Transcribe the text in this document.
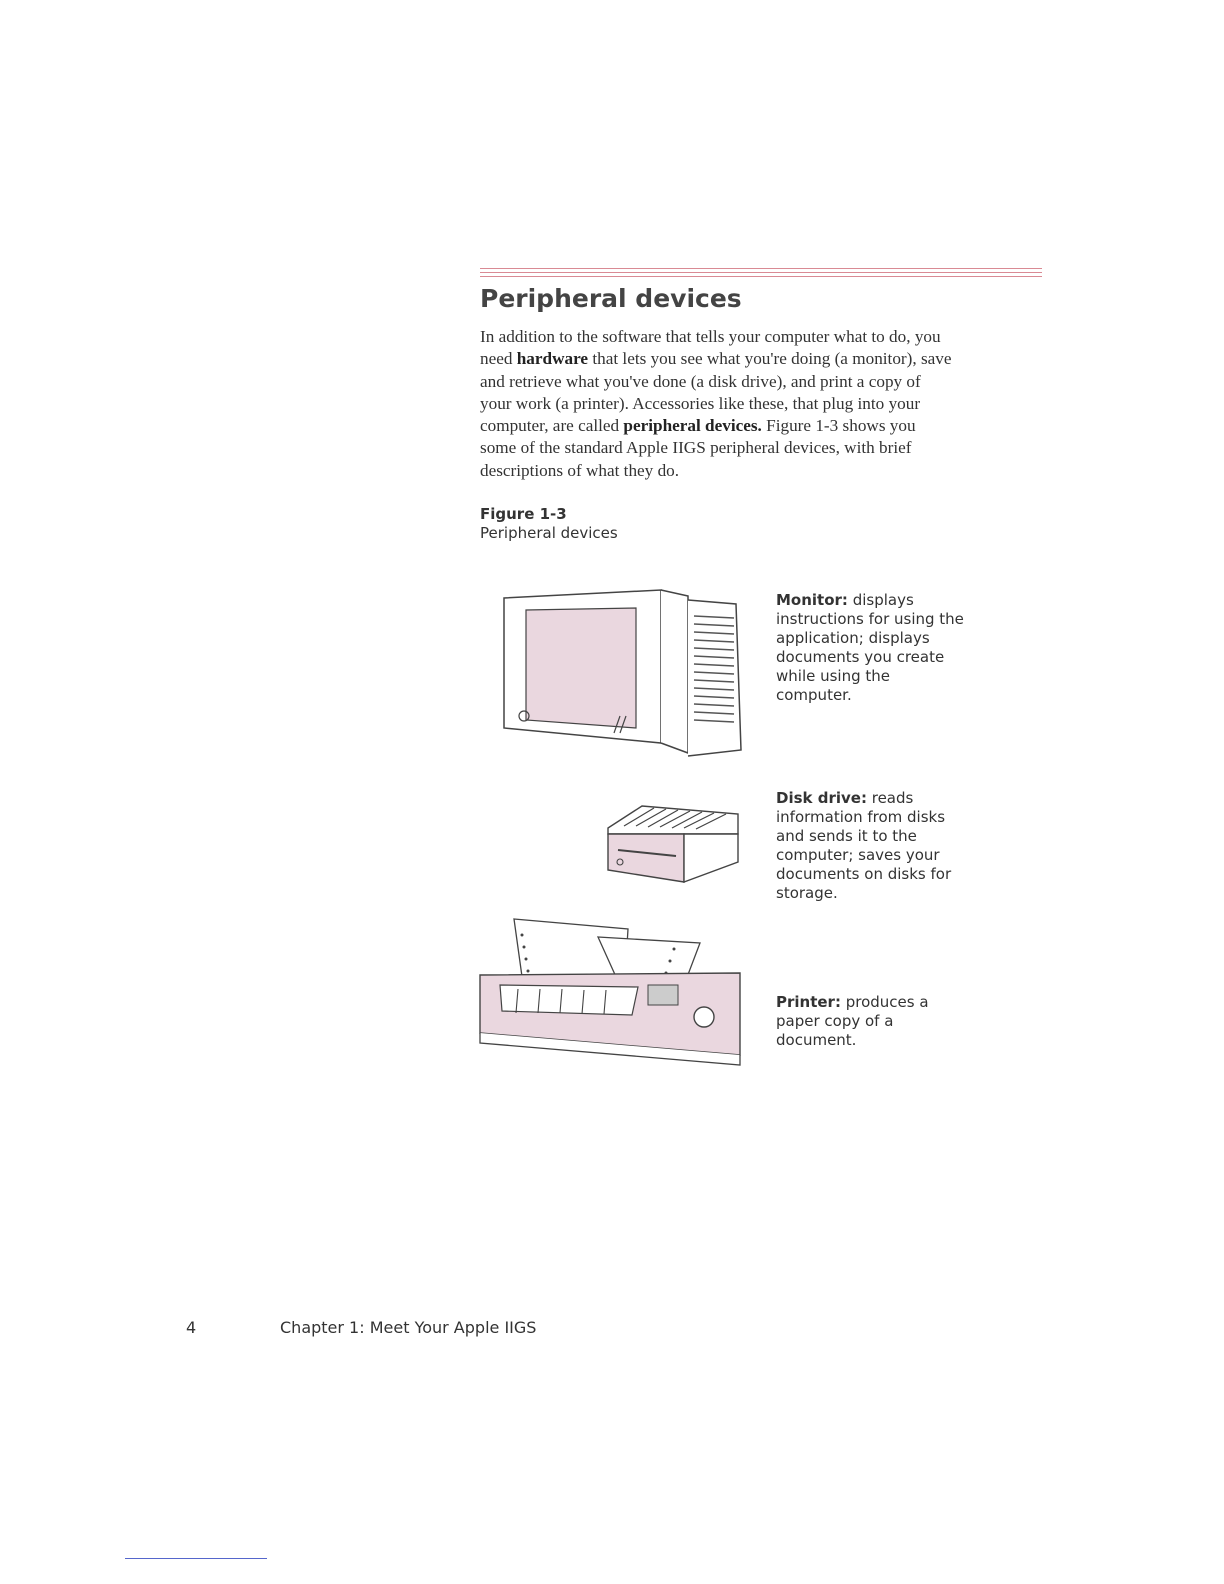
Peripheral devices

In addition to the software that tells your computer what to do, you
need hardware that lets you see what you're doing (a monitor), save
and retrieve what you've done (a disk drive), and print a copy of
your work (a printer). Accessories like these, that plug into your
computer, are called peripheral devices. Figure 1-3 shows you
some of the standard Apple IIGS peripheral devices, with brief
descriptions of what they do.

Figure 1-3
Peripheral devices
Monitor: displays
instructions for using the
application; displays
documents you create
while using the
computer.
Disk drive: reads
information from disks
and sends it to the
computer; saves your
documents on disks for
storage.
Printer: produces a
paper copy of a
document.
4	Chapter 1: Meet Your Apple IIGS
